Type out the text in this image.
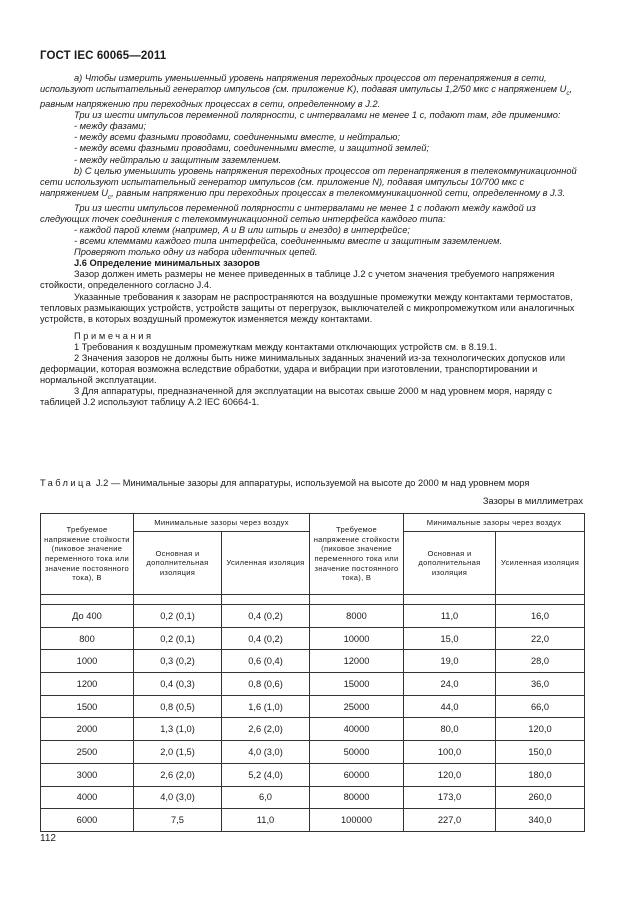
ГОСТ IEC 60065—2011

а) Чтобы измерить уменьшенный уровень напряжения переходных процессов от перенапряжения в сети, используют испытательный генератор импульсов (см. приложение K), подавая импульсы 1,2/50 мкс с напряжением $U_c$, равным напряжению при переходных процессах в сети, определенному в J.2.

Три из шести импульсов переменной полярности, с интервалами не менее 1 с, подают там, где применимо:

- между фазами;

- между всеми фазными проводами, соединенными вместе, и нейтралью;

- между всеми фазными проводами, соединенными вместе, и защитной землей;

- между нейтралью и защитным заземлением.

b) С целью уменьшить уровень напряжения переходных процессов от перенапряжения в телекоммуникационной сети используют испытательный генератор импульсов (см. приложение N), подавая импульсы 10/700 мкс с напряжением $U_c$, равным напряжению при переходных процессах в телекоммуникационной сети, определенному в J.3.

Три из шести импульсов переменной полярности с интервалами не менее 1 с подают между каждой из следующих точек соединения с телекоммуникационной сетью интерфейса каждого типа:

- каждой парой клемм (например, A и B или штырь и гнездо) в интерфейсе;

- всеми клеммами каждого типа интерфейса, соединенными вместе и защитным заземлением.

Проверяют только одну из набора идентичных цепей.

J.6 Определение минимальных зазоров

Зазор должен иметь размеры не менее приведенных в таблице J.2 с учетом значения требуемого напряжения стойкости, определенного согласно J.4.

Указанные требования к зазорам не распространяются на воздушные промежутки между контактами термостатов, тепловых размыкающих устройств, устройств защиты от перегрузок, выключателей с микропромежутком или аналогичных устройств, в которых воздушный промежуток изменяется между контактами.

Примечания

1 Требования к воздушным промежуткам между контактами отключающих устройств см. в 8.19.1.

2 Значения зазоров не должны быть ниже минимальных заданных значений из-за технологических допусков или деформации, которая возможна вследствие обработки, удара и вибрации при изготовлении, транспортировании и нормальной эксплуатации.

3 Для аппаратуры, предназначенной для эксплуатации на высотах свыше 2000 м над уровнем моря, наряду с таблицей J.2 используют таблицу A.2 IEC 60664-1.

Таблица J.2 — Минимальные зазоры для аппаратуры, используемой на высоте до 2000 м над уровнем моря
Зазоры в миллиметрах
Требуемое напряжение стойкости (пиковое значение переменного тока или значение постоянного тока), В	Минимальные зазоры через воздух		Требуемое напряжение стойкости (пиковое значение переменного тока или значение постоянного тока), В	Минимальные зазоры через воздух	
	Основная и дополнительная изоляция	Усиленная изоляция		Основная и дополнительная изоляция	Усиленная изоляция

До 400	0,2 (0,1)	0,4 (0,2)	8000	11,0	16,0
800	0,2 (0,1)	0,4 (0,2)	10000	15,0	22,0
1000	0,3 (0,2)	0,6 (0,4)	12000	19,0	28,0
1200	0,4 (0,3)	0,8 (0,6)	15000	24,0	36,0
1500	0,8 (0,5)	1,6 (1,0)	25000	44,0	66,0
2000	1,3 (1,0)	2,6 (2,0)	40000	80,0	120,0
2500	2,0 (1,5)	4,0 (3,0)	50000	100,0	150,0
3000	2,6 (2,0)	5,2 (4,0)	60000	120,0	180,0
4000	4,0 (3,0)	6,0	80000	173,0	260,0
6000	7,5	11,0	100000	227,0	340,0
112
